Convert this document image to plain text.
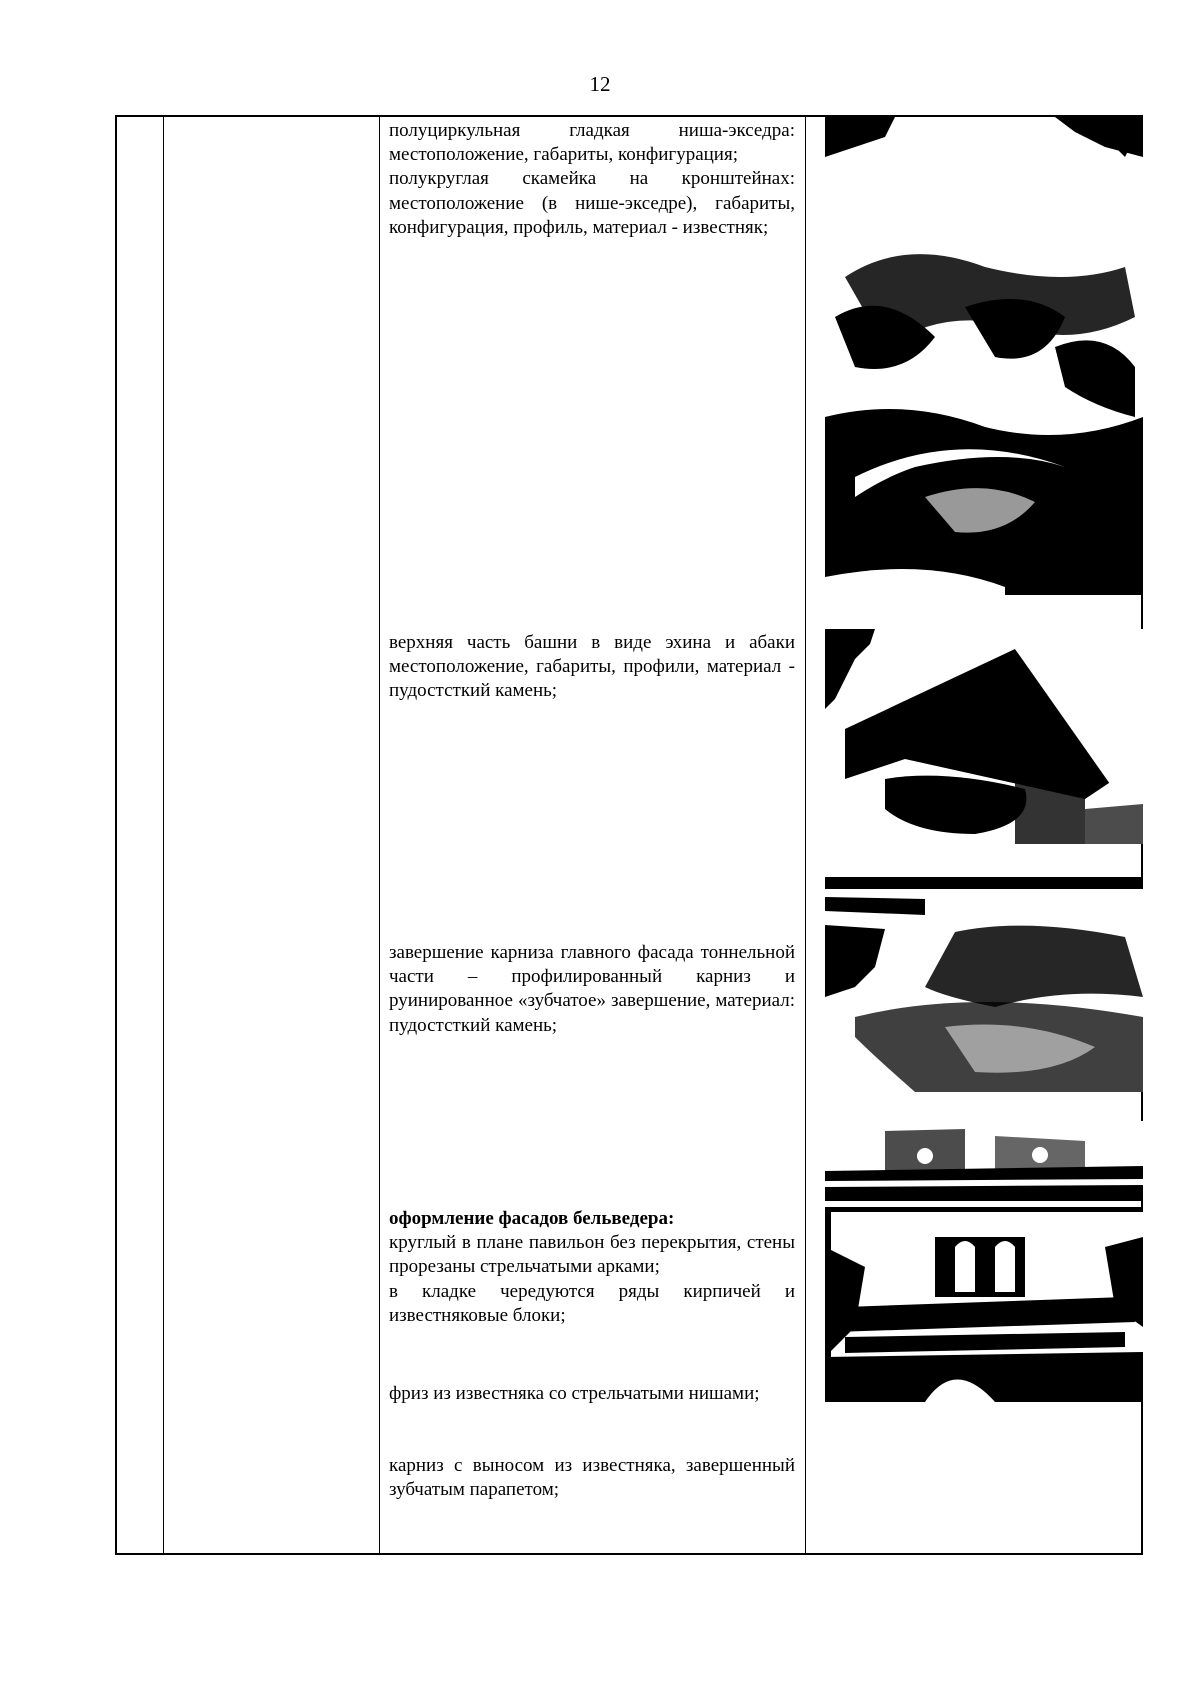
12

полуциркульная гладкая ниша-экседра: местоположение, габариты, конфигурация;

полукруглая скамейка на кронштейнах: местоположение (в нише-экседре), габариты, конфигурация, профиль, материал - известняк;

верхняя часть башни в виде эхина и абаки местоположение, габариты, профили, материал - пудостсткий камень;

завершение карниза главного фасада тоннельной части – профилированный карниз и руинированное «зубчатое» завершение, материал: пудостсткий камень;

оформление фасадов бельведера:

круглый в плане павильон без перекрытия, стены прорезаны стрельчатыми арками;

в кладке чередуются ряды кирпичей и известняковые блоки;

фриз из известняка со стрельчатыми нишами;

карниз с выносом из известняка, завершенный зубчатым парапетом;
